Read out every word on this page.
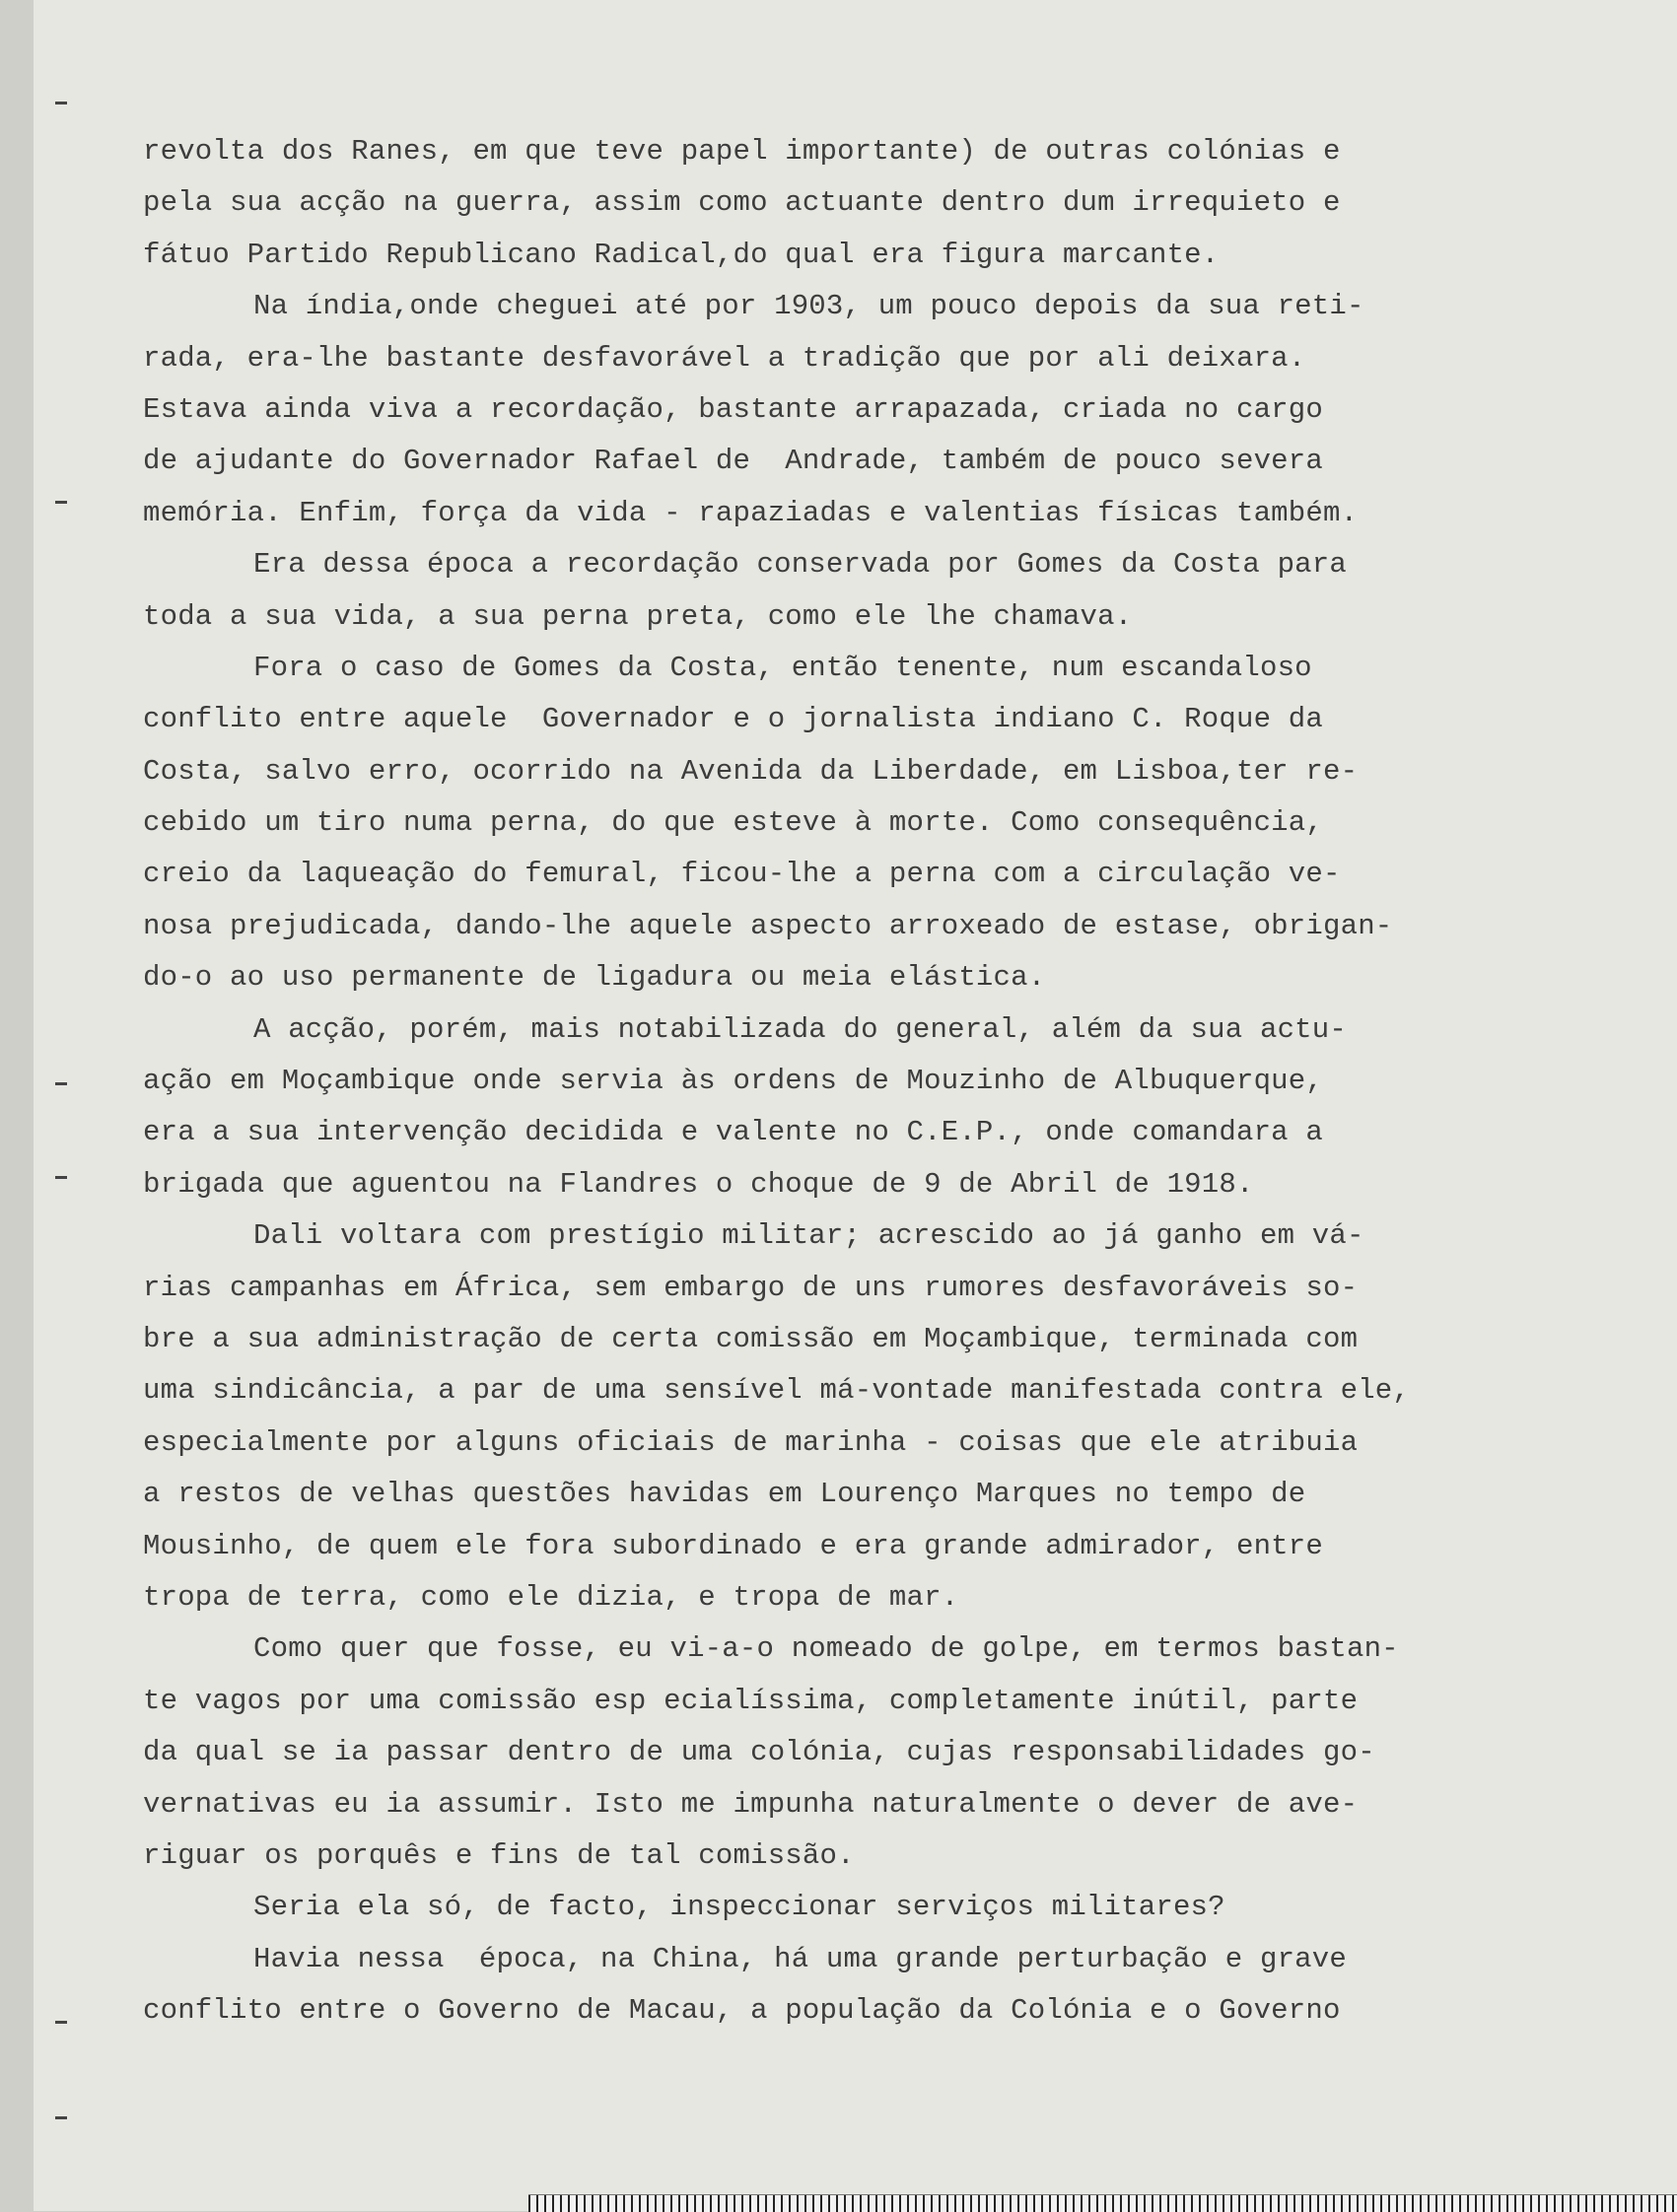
revolta dos Ranes, em que teve papel importante) de outras colónias e
pela sua acção na guerra, assim como actuante dentro dum irrequieto e
fátuo Partido Republicano Radical,do qual era figura marcante.
Na índia,onde cheguei até por 1903, um pouco depois da sua reti-
rada, era-lhe bastante desfavorável a tradição que por ali deixara.
Estava ainda viva a recordação, bastante arrapazada, criada no cargo
de ajudante do Governador Rafael de  Andrade, também de pouco severa
memória. Enfim, força da vida - rapaziadas e valentias físicas também.
Era dessa época a recordação conservada por Gomes da Costa para
toda a sua vida, a sua perna preta, como ele lhe chamava.
Fora o caso de Gomes da Costa, então tenente, num escandaloso
conflito entre aquele  Governador e o jornalista indiano C. Roque da
Costa, salvo erro, ocorrido na Avenida da Liberdade, em Lisboa,ter re-
cebido um tiro numa perna, do que esteve à morte. Como consequência,
creio da laqueação do femural, ficou-lhe a perna com a circulação ve-
nosa prejudicada, dando-lhe aquele aspecto arroxeado de estase, obrigan-
do-o ao uso permanente de ligadura ou meia elástica.
A acção, porém, mais notabilizada do general, além da sua actu-
ação em Moçambique onde servia às ordens de Mouzinho de Albuquerque,
era a sua intervenção decidida e valente no C.E.P., onde comandara a
brigada que aguentou na Flandres o choque de 9 de Abril de 1918.
Dali voltara com prestígio militar; acrescido ao já ganho em vá-
rias campanhas em África, sem embargo de uns rumores desfavoráveis so-
bre a sua administração de certa comissão em Moçambique, terminada com
uma sindicância, a par de uma sensível má-vontade manifestada contra ele,
especialmente por alguns oficiais de marinha - coisas que ele atribuia
a restos de velhas questões havidas em Lourenço Marques no tempo de
Mousinho, de quem ele fora subordinado e era grande admirador, entre
tropa de terra, como ele dizia, e tropa de mar.
Como quer que fosse, eu vi-a-o nomeado de golpe, em termos bastan-
te vagos por uma comissão esp ecialíssima, completamente inútil, parte
da qual se ia passar dentro de uma colónia, cujas responsabilidades go-
vernativas eu ia assumir. Isto me impunha naturalmente o dever de ave-
riguar os porquês e fins de tal comissão.
Seria ela só, de facto, inspeccionar serviços militares?
Havia nessa  época, na China, há uma grande perturbação e grave
conflito entre o Governo de Macau, a população da Colónia e o Governo
